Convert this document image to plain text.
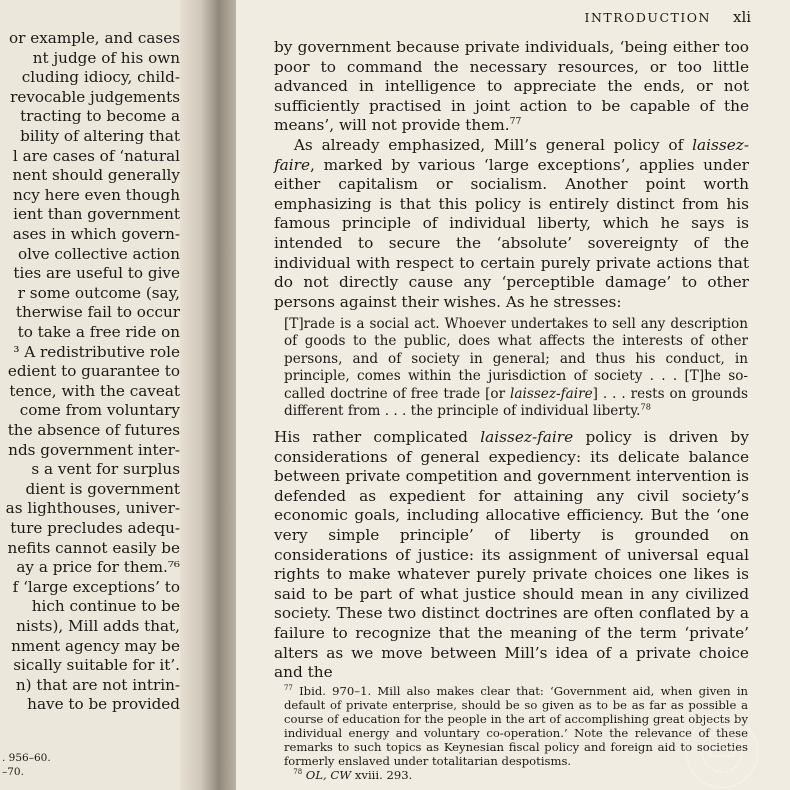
or example, and cases
nt judge of his own
cluding idiocy, child-
revocable judgements
tracting to become a
bility of altering that
l are cases of ‘natural
nent should generally
ncy here even though
ient than government
ases in which govern-
olve collective action
ties are useful to give
r some outcome (say,
therwise fail to occur
to take a free ride on
³ A redistributive role
edient to guarantee to
tence, with the caveat
come from voluntary
the absence of futures
nds government inter-
s a vent for surplus
dient is government
as lighthouses, univer-
ture precludes adequ-
nefits cannot easily be
ay a price for them.⁷⁶
f ‘large exceptions’ to
hich continue to be
nists), Mill adds that,
nment agency may be
sically suitable for it’.
n) that are not intrin-
have to be provided
. 956–60.
–70.
INTRODUCTION xli

by government because private individuals, ‘being either too poor to command the necessary resources, or too little advanced in intelligence to appreciate the ends, or not sufficiently practised in joint action to be capable of the means’, will not provide them.$^{77}$

As already emphasized, Mill’s general policy of laissez-faire, marked by various ‘large exceptions’, applies under either capitalism or socialism. Another point worth emphasizing is that this policy is entirely distinct from his famous principle of individual liberty, which he says is intended to secure the ‘absolute’ sovereignty of the individual with respect to certain purely private actions that do not directly cause any ‘perceptible damage’ to other persons against their wishes. As he stresses:

[T]rade is a social act. Whoever undertakes to sell any description of goods to the public, does what affects the interests of other persons, and of society in general; and thus his conduct, in principle, comes within the jurisdiction of society . . . [T]he so-called doctrine of free trade [or laissez-faire] . . . rests on grounds different from . . . the principle of individual liberty.$^{78}$

His rather complicated laissez-faire policy is driven by considerations of general expediency: its delicate balance between private competition and government intervention is defended as expedient for attaining any civil society’s economic goals, including allocative efficiency. But the ‘one very simple principle’ of liberty is grounded on considerations of justice: its assignment of universal equal rights to make whatever purely private choices one likes is said to be part of what justice should mean in any civilized society. These two distinct doctrines are often conflated by a failure to recognize that the meaning of the term ‘private’ alters as we move between Mill’s idea of a private choice and the

$^{77}$ Ibid. 970–1. Mill also makes clear that: ‘Government aid, when given in default of private enterprise, should be so given as to be as far as possible a course of education for the people in the art of accomplishing great objects by individual energy and voluntary co-operation.’ Note the relevance of these remarks to such topics as Keynesian fiscal policy and foreign aid to societies formerly enslaved under totalitarian despotisms.

$^{78}$ OL, CW xviii. 293.
